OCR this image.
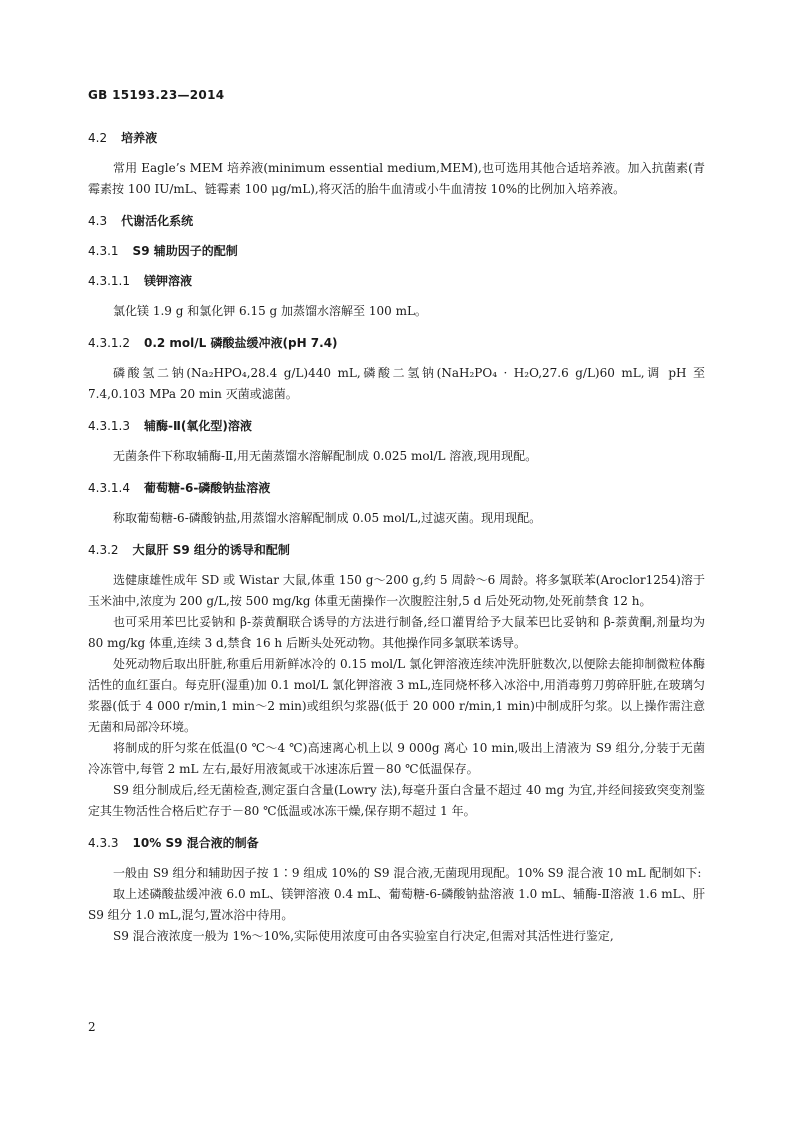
GB 15193.23—2014
4.2 培养液

常用 Eagle’s MEM 培养液(minimum essential medium,MEM),也可选用其他合适培养液。加入抗菌素(青霉素按 100 IU/mL、链霉素 100 μg/mL),将灭活的胎牛血清或小牛血清按 10%的比例加入培养液。

4.3 代谢活化系统
4.3.1 S9 辅助因子的配制
4.3.1.1 镁钾溶液

氯化镁 1.9 g 和氯化钾 6.15 g 加蒸馏水溶解至 100 mL。

4.3.1.2 0.2 mol/L 磷酸盐缓冲液(pH 7.4)

磷酸氢二钠(Na₂HPO₄,28.4 g/L)440 mL,磷酸二氢钠(NaH₂PO₄ · H₂O,27.6 g/L)60 mL,调 pH 至 7.4,0.103 MPa 20 min 灭菌或滤菌。

4.3.1.3 辅酶-Ⅱ(氧化型)溶液

无菌条件下称取辅酶-Ⅱ,用无菌蒸馏水溶解配制成 0.025 mol/L 溶液,现用现配。

4.3.1.4 葡萄糖-6-磷酸钠盐溶液

称取葡萄糖-6-磷酸钠盐,用蒸馏水溶解配制成 0.05 mol/L,过滤灭菌。现用现配。

4.3.2 大鼠肝 S9 组分的诱导和配制

选健康雄性成年 SD 或 Wistar 大鼠,体重 150 g～200 g,约 5 周龄～6 周龄。将多氯联苯(Aroclor1254)溶于玉米油中,浓度为 200 g/L,按 500 mg/kg 体重无菌操作一次腹腔注射,5 d 后处死动物,处死前禁食 12 h。

也可采用苯巴比妥钠和 β-萘黄酮联合诱导的方法进行制备,经口灌胃给予大鼠苯巴比妥钠和 β-萘黄酮,剂量均为 80 mg/kg 体重,连续 3 d,禁食 16 h 后断头处死动物。其他操作同多氯联苯诱导。

处死动物后取出肝脏,称重后用新鲜冰冷的 0.15 mol/L 氯化钾溶液连续冲洗肝脏数次,以便除去能抑制微粒体酶活性的血红蛋白。每克肝(湿重)加 0.1 mol/L 氯化钾溶液 3 mL,连同烧杯移入冰浴中,用消毒剪刀剪碎肝脏,在玻璃匀浆器(低于 4 000 r/min,1 min～2 min)或组织匀浆器(低于 20 000 r/min,1 min)中制成肝匀浆。以上操作需注意无菌和局部冷环境。

将制成的肝匀浆在低温(0 ℃～4 ℃)高速离心机上以 9 000g 离心 10 min,吸出上清液为 S9 组分,分装于无菌冷冻管中,每管 2 mL 左右,最好用液氮或干冰速冻后置－80 ℃低温保存。

S9 组分制成后,经无菌检查,测定蛋白含量(Lowry 法),每毫升蛋白含量不超过 40 mg 为宜,并经间接致突变剂鉴定其生物活性合格后贮存于－80 ℃低温或冰冻干燥,保存期不超过 1 年。

4.3.3 10% S9 混合液的制备

一般由 S9 组分和辅助因子按 1∶9 组成 10%的 S9 混合液,无菌现用现配。10% S9 混合液 10 mL 配制如下:

取上述磷酸盐缓冲液 6.0 mL、镁钾溶液 0.4 mL、葡萄糖-6-磷酸钠盐溶液 1.0 mL、辅酶-Ⅱ溶液 1.6 mL、肝 S9 组分 1.0 mL,混匀,置冰浴中待用。

S9 混合液浓度一般为 1%～10%,实际使用浓度可由各实验室自行决定,但需对其活性进行鉴定,

2
